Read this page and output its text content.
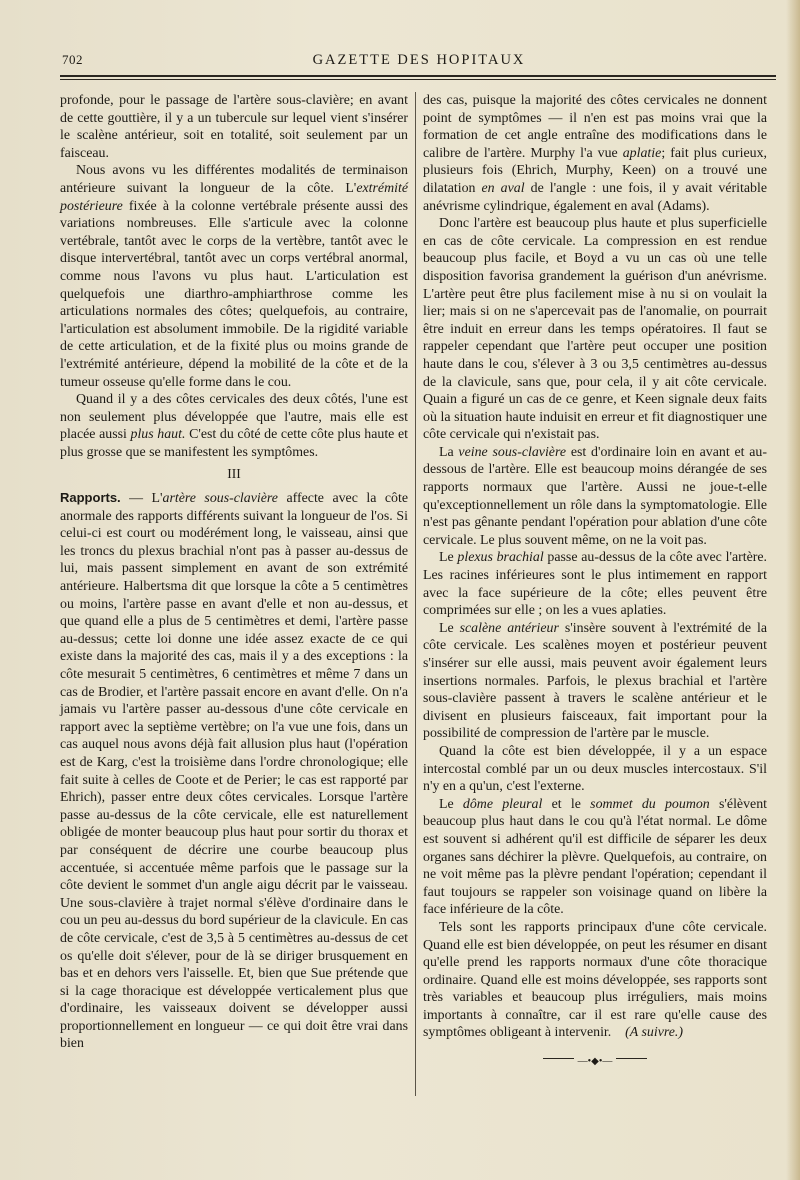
702	GAZETTE DES HOPITAUX

profonde, pour le passage de l'artère sous-clavière; en avant de cette gouttière, il y a un tubercule sur lequel vient s'insérer le scalène antérieur, soit en totalité, soit seulement par un faisceau.

Nous avons vu les différentes modalités de terminaison antérieure suivant la longueur de la côte. L'extrémité postérieure fixée à la colonne vertébrale présente aussi des variations nombreuses. Elle s'articule avec la colonne vertébrale, tantôt avec le corps de la vertèbre, tantôt avec le disque intervertébral, tantôt avec un corps vertébral anormal, comme nous l'avons vu plus haut. L'articulation est quelquefois une diarthro-amphiarthrose comme les articulations normales des côtes; quelquefois, au contraire, l'articulation est absolument immobile. De la rigidité variable de cette articulation, et de la fixité plus ou moins grande de l'extrémité antérieure, dépend la mobilité de la côte et de la tumeur osseuse qu'elle forme dans le cou.

Quand il y a des côtes cervicales des deux côtés, l'une est non seulement plus développée que l'autre, mais elle est placée aussi plus haut. C'est du côté de cette côte plus haute et plus grosse que se manifestent les symptômes.

III

Rapports. — L'artère sous-clavière affecte avec la côte anormale des rapports différents suivant la longueur de l'os. Si celui-ci est court ou modérément long, le vaisseau, ainsi que les troncs du plexus brachial n'ont pas à passer au-dessus de lui, mais passent simplement en avant de son extrémité antérieure. Halbertsma dit que lorsque la côte a 5 centimètres ou moins, l'artère passe en avant d'elle et non au-dessus, et que quand elle a plus de 5 centimètres et demi, l'artère passe au-dessus; cette loi donne une idée assez exacte de ce qui existe dans la majorité des cas, mais il y a des exceptions : la côte mesurait 5 centimètres, 6 centimètres et même 7 dans un cas de Brodier, et l'artère passait encore en avant d'elle. On n'a jamais vu l'artère passer au-dessous d'une côte cervicale en rapport avec la septième vertèbre; on l'a vue une fois, dans un cas auquel nous avons déjà fait allusion plus haut (l'opération est de Karg, c'est la troisième dans l'ordre chronologique; elle fait suite à celles de Coote et de Perier; le cas est rapporté par Ehrich), passer entre deux côtes cervicales. Lorsque l'artère passe au-dessus de la côte cervicale, elle est naturellement obligée de monter beaucoup plus haut pour sortir du thorax et par conséquent de décrire une courbe beaucoup plus accentuée, si accentuée même parfois que le passage sur la côte devient le sommet d'un angle aigu décrit par le vaisseau. Une sous-clavière à trajet normal s'élève d'ordinaire dans le cou un peu au-dessus du bord supérieur de la clavicule. En cas de côte cervicale, c'est de 3,5 à 5 centimètres au-dessus de cet os qu'elle doit s'élever, pour de là se diriger brusquement en bas et en dehors vers l'aisselle. Et, bien que Sue prétende que si la cage thoracique est développée verticalement plus que d'ordinaire, les vaisseaux doivent se développer aussi proportionnellement en longueur — ce qui doit être vrai dans bien

des cas, puisque la majorité des côtes cervicales ne donnent point de symptômes — il n'en est pas moins vrai que la formation de cet angle entraîne des modifications dans le calibre de l'artère. Murphy l'a vue aplatie; fait plus curieux, plusieurs fois (Ehrich, Murphy, Keen) on a trouvé une dilatation en aval de l'angle : une fois, il y avait véritable anévrisme cylindrique, également en aval (Adams).

Donc l'artère est beaucoup plus haute et plus superficielle en cas de côte cervicale. La compression en est rendue beaucoup plus facile, et Boyd a vu un cas où une telle disposition favorisa grandement la guérison d'un anévrisme. L'artère peut être plus facilement mise à nu si on voulait la lier; mais si on ne s'apercevait pas de l'anomalie, on pourrait être induit en erreur dans les temps opératoires. Il faut se rappeler cependant que l'artère peut occuper une position haute dans le cou, s'élever à 3 ou 3,5 centimètres au-dessus de la clavicule, sans que, pour cela, il y ait côte cervicale. Quain a figuré un cas de ce genre, et Keen signale deux faits où la situation haute induisit en erreur et fit diagnostiquer une côte cervicale qui n'existait pas.

La veine sous-clavière est d'ordinaire loin en avant et au-dessous de l'artère. Elle est beaucoup moins dérangée de ses rapports normaux que l'artère. Aussi ne joue-t-elle qu'exceptionnellement un rôle dans la symptomatologie. Elle n'est pas gênante pendant l'opération pour ablation d'une côte cervicale. Le plus souvent même, on ne la voit pas.

Le plexus brachial passe au-dessus de la côte avec l'artère. Les racines inférieures sont le plus intimement en rapport avec la face supérieure de la côte; elles peuvent être comprimées sur elle ; on les a vues aplaties.

Le scalène antérieur s'insère souvent à l'extrémité de la côte cervicale. Les scalènes moyen et postérieur peuvent s'insérer sur elle aussi, mais peuvent avoir également leurs insertions normales. Parfois, le plexus brachial et l'artère sous-clavière passent à travers le scalène antérieur et le divisent en plusieurs faisceaux, fait important pour la possibilité de compression de l'artère par le muscle.

Quand la côte est bien développée, il y a un espace intercostal comblé par un ou deux muscles intercostaux. S'il n'y en a qu'un, c'est l'externe.

Le dôme pleural et le sommet du poumon s'élèvent beaucoup plus haut dans le cou qu'à l'état normal. Le dôme est souvent si adhérent qu'il est difficile de séparer les deux organes sans déchirer la plèvre. Quelquefois, au contraire, on ne voit même pas la plèvre pendant l'opération; cependant il faut toujours se rappeler son voisinage quand on libère la face inférieure de la côte.

Tels sont les rapports principaux d'une côte cervicale. Quand elle est bien développée, on peut les résumer en disant qu'elle prend les rapports normaux d'une côte thoracique ordinaire. Quand elle est moins développée, ses rapports sont très variables et beaucoup plus irréguliers, mais moins importants à connaître, car il est rare qu'elle cause des symptômes obligeant à intervenir. (A suivre.)

—•◆•—
